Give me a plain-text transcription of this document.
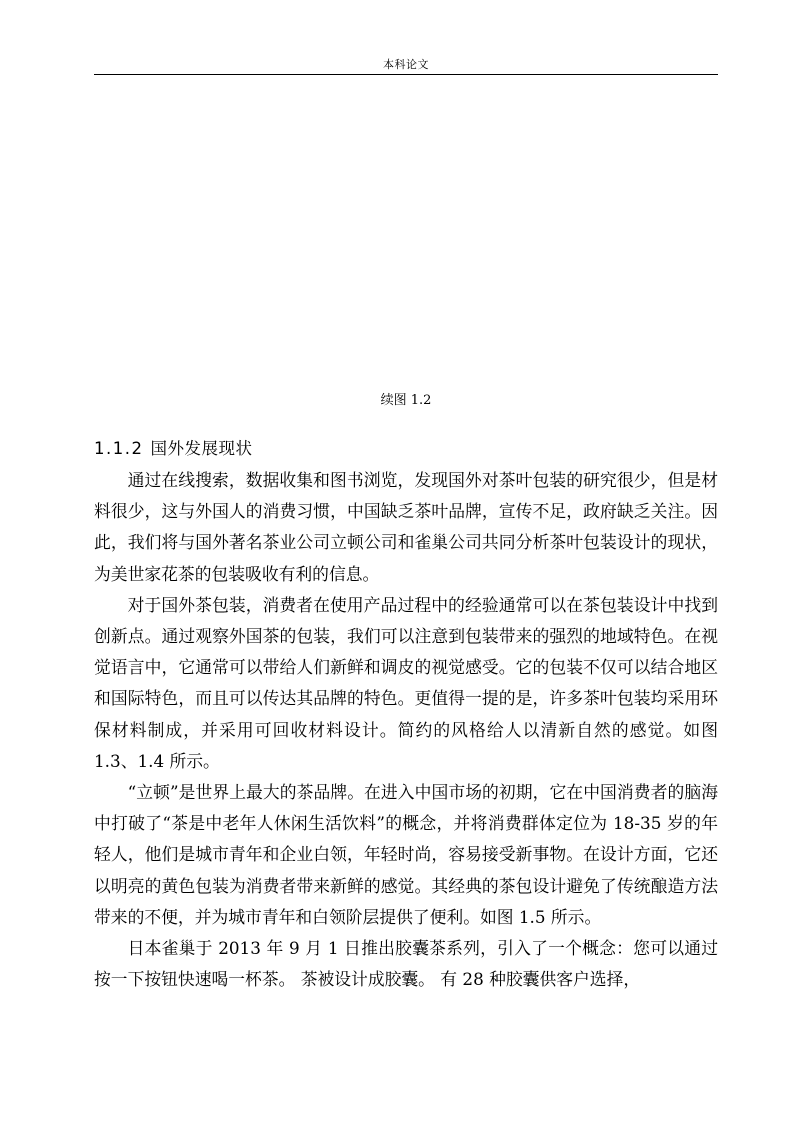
本科论文
续图 1.2
1.1.2 国外发展现状

通过在线搜索，数据收集和图书浏览，发现国外对茶叶包装的研究很少，但是材料很少，这与外国人的消费习惯，中国缺乏茶叶品牌，宣传不足，政府缺乏关注。因此，我们将与国外著名茶业公司立顿公司和雀巢公司共同分析茶叶包装设计的现状，为美世家花茶的包装吸收有利的信息。

对于国外茶包装，消费者在使用产品过程中的经验通常可以在茶包装设计中找到创新点。通过观察外国茶的包装，我们可以注意到包装带来的强烈的地域特色。在视觉语言中，它通常可以带给人们新鲜和调皮的视觉感受。它的包装不仅可以结合地区和国际特色，而且可以传达其品牌的特色。更值得一提的是，许多茶叶包装均采用环保材料制成，并采用可回收材料设计。简约的风格给人以清新自然的感觉。如图 1.3、1.4 所示。

“立顿”是世界上最大的茶品牌。在进入中国市场的初期，它在中国消费者的脑海中打破了“茶是中老年人休闲生活饮料”的概念，并将消费群体定位为 18-35 岁的年轻人，他们是城市青年和企业白领，年轻时尚，容易接受新事物。在设计方面，它还以明亮的黄色包装为消费者带来新鲜的感觉。其经典的茶包设计避免了传统酿造方法带来的不便，并为城市青年和白领阶层提供了便利。如图 1.5 所示。

日本雀巢于 2013 年 9 月 1 日推出胶囊茶系列，引入了一个概念：您可以通过按一下按钮快速喝一杯茶。 茶被设计成胶囊。 有 28 种胶囊供客户选择，
